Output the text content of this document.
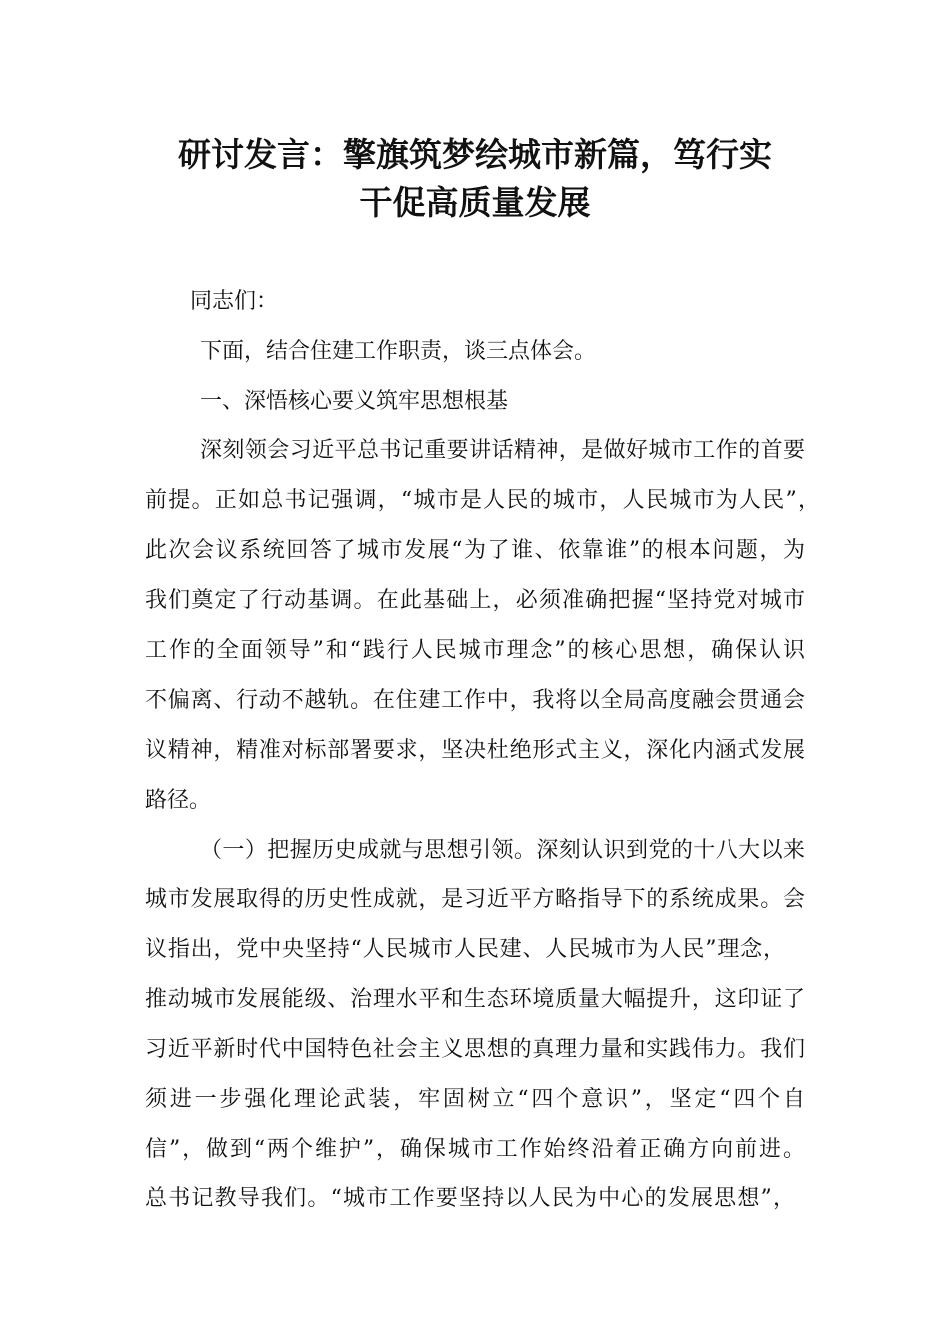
研讨发言：擎旗筑梦绘城市新篇，笃行实
干促高质量发展
同志们：
下面，结合住建工作职责，谈三点体会。
一、深悟核心要义筑牢思想根基
深刻领会习近平总书记重要讲话精神，是做好城市工作的首要
前提。正如总书记强调，“城市是人民的城市，人民城市为人民”，
此次会议系统回答了城市发展“为了谁、依靠谁”的根本问题，为
我们奠定了行动基调。在此基础上，必须准确把握“坚持党对城市
工作的全面领导”和“践行人民城市理念”的核心思想，确保认识
不偏离、行动不越轨。在住建工作中，我将以全局高度融会贯通会
议精神，精准对标部署要求，坚决杜绝形式主义，深化内涵式发展
路径。
（一）把握历史成就与思想引领。深刻认识到党的十八大以来
城市发展取得的历史性成就，是习近平方略指导下的系统成果。会
议指出，党中央坚持“人民城市人民建、人民城市为人民”理念，
推动城市发展能级、治理水平和生态环境质量大幅提升，这印证了
习近平新时代中国特色社会主义思想的真理力量和实践伟力。我们
须进一步强化理论武装，牢固树立“四个意识”，坚定“四个自
信”，做到“两个维护”，确保城市工作始终沿着正确方向前进。
总书记教导我们。“城市工作要坚持以人民为中心的发展思想”，
